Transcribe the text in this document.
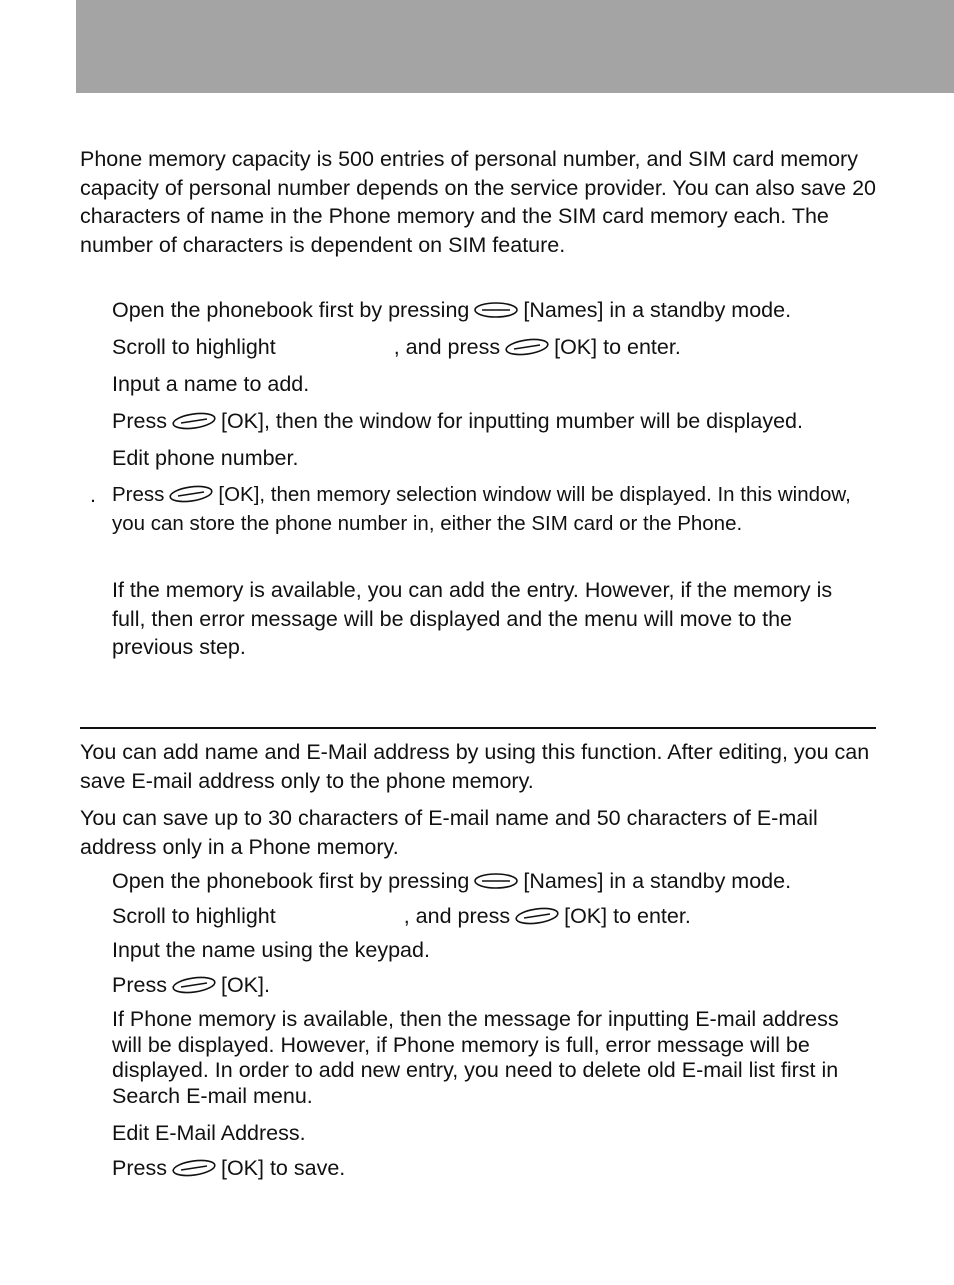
Phone memory capacity is 500 entries of personal number, and SIM card memory capacity of personal number depends on the service provider. You can also save 20 characters of name in the Phone memory and the SIM card memory each. The number of characters is dependent on SIM feature.

Open the phonebook first by pressing	[Names] in a standby mode.
Scroll to highlight	, and press	[OK] to enter.
Input a name to add.
Press	[OK], then the window for inputting mumber will be displayed.
Edit phone number.
. Press	[OK], then memory selection window will be displayed. In this window, you can store the phone number in, either the SIM card or the Phone.
If the memory is available, you can add the entry. However, if the memory is full, then error message will be displayed and the menu will move to the previous step.

You can add name and E-Mail address by using this function. After editing, you can save E-mail address only to the phone memory.

You can save up to 30 characters of E-mail name and 50 characters of E-mail address only in a Phone memory.

Open the phonebook first by pressing	[Names] in a standby mode.
Scroll to highlight	, and press	[OK] to enter.
Input the name using the keypad.
Press	[OK].
If Phone memory is available, then the message for inputting E-mail address will be displayed. However, if Phone memory is full, error message will be displayed. In order to add new entry, you need to delete old E-mail list first in Search E-mail menu.
Edit E-Mail Address.
Press	[OK] to save.
